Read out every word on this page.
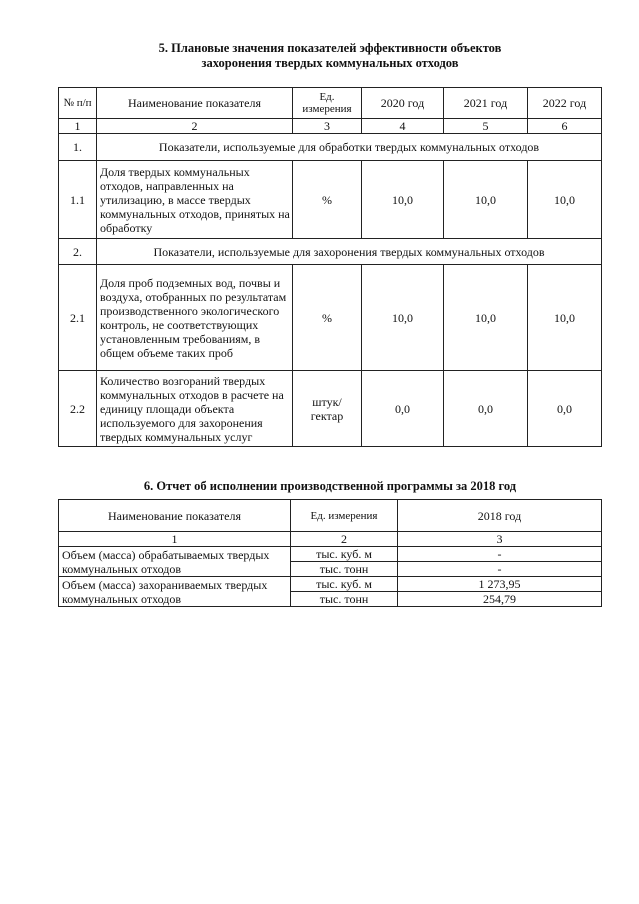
5. Плановые значения показателей эффективности объектов

захоронения твердых коммунальных отходов

№ п/п	Наименование показателя	Ед. измерения	2020 год	2021 год	2022 год
1	2	3	4	5	6
1.	Показатели, используемые для обработки твердых коммунальных отходов				
1.1	Доля твердых коммунальных отходов, направленных на утилизацию, в массе твердых коммунальных отходов, принятых на обработку	%	10,0	10,0	10,0
2.	Показатели, используемые для захоронения твердых коммунальных отходов				
2.1	Доля проб подземных вод, почвы и воздуха, отобранных по результатам производственного экологического контроль, не соответствующих установленным требованиям, в общем объеме таких проб	%	10,0	10,0	10,0
2.2	Количество возгораний твердых коммунальных отходов в расчете на единицу площади объекта используемого для захоронения твердых коммунальных услуг	штук/ гектар	0,0	0,0	0,0
6. Отчет об исполнении производственной программы за 2018 год
Наименование показателя	Ед. измерения	2018 год
1	2	3
Объем (масса) обрабатываемых твердых коммунальных отходов	тыс. куб. м	-
	тыс. тонн	-
Объем (масса) захораниваемых твердых коммунальных отходов	тыс. куб. м	1 273,95
	тыс. тонн	254,79
